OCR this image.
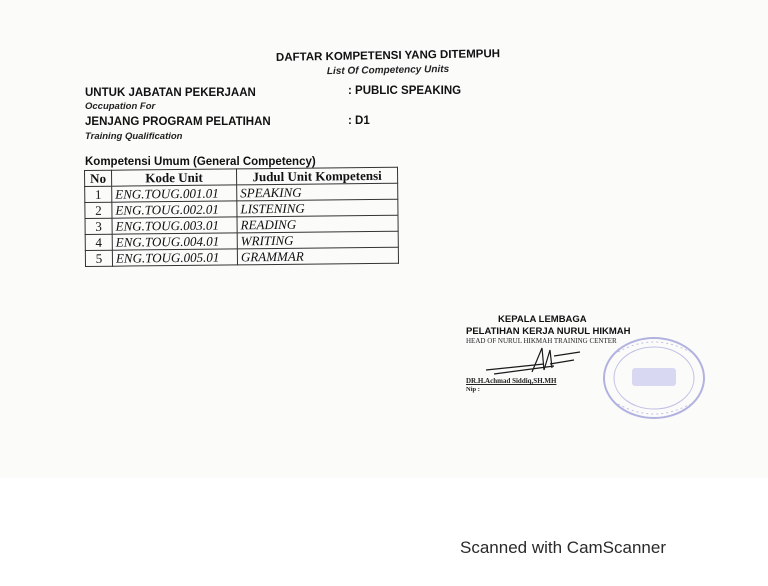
DAFTAR KOMPETENSI YANG DITEMPUH
List Of Competency Units
UNTUK JABATAN PEKERJAAN
Occupation For
: PUBLIC SPEAKING
JENJANG PROGRAM PELATIHAN
Training Qualification
: D1
Kompetensi Umum (General Competency)
No	Kode Unit	Judul Unit Kompetensi
1	ENG.TOUG.001.01	SPEAKING
2	ENG.TOUG.002.01	LISTENING
3	ENG.TOUG.003.01	READING
4	ENG.TOUG.004.01	WRITING
5	ENG.TOUG.005.01	GRAMMAR
KEPALA LEMBAGA
PELATIHAN KERJA NURUL HIKMAH
HEAD OF NURUL HIKMAH TRAINING CENTER
DR.H.Achmad Siddiq,SH.MH
Nip :
Scanned with CamScanner
